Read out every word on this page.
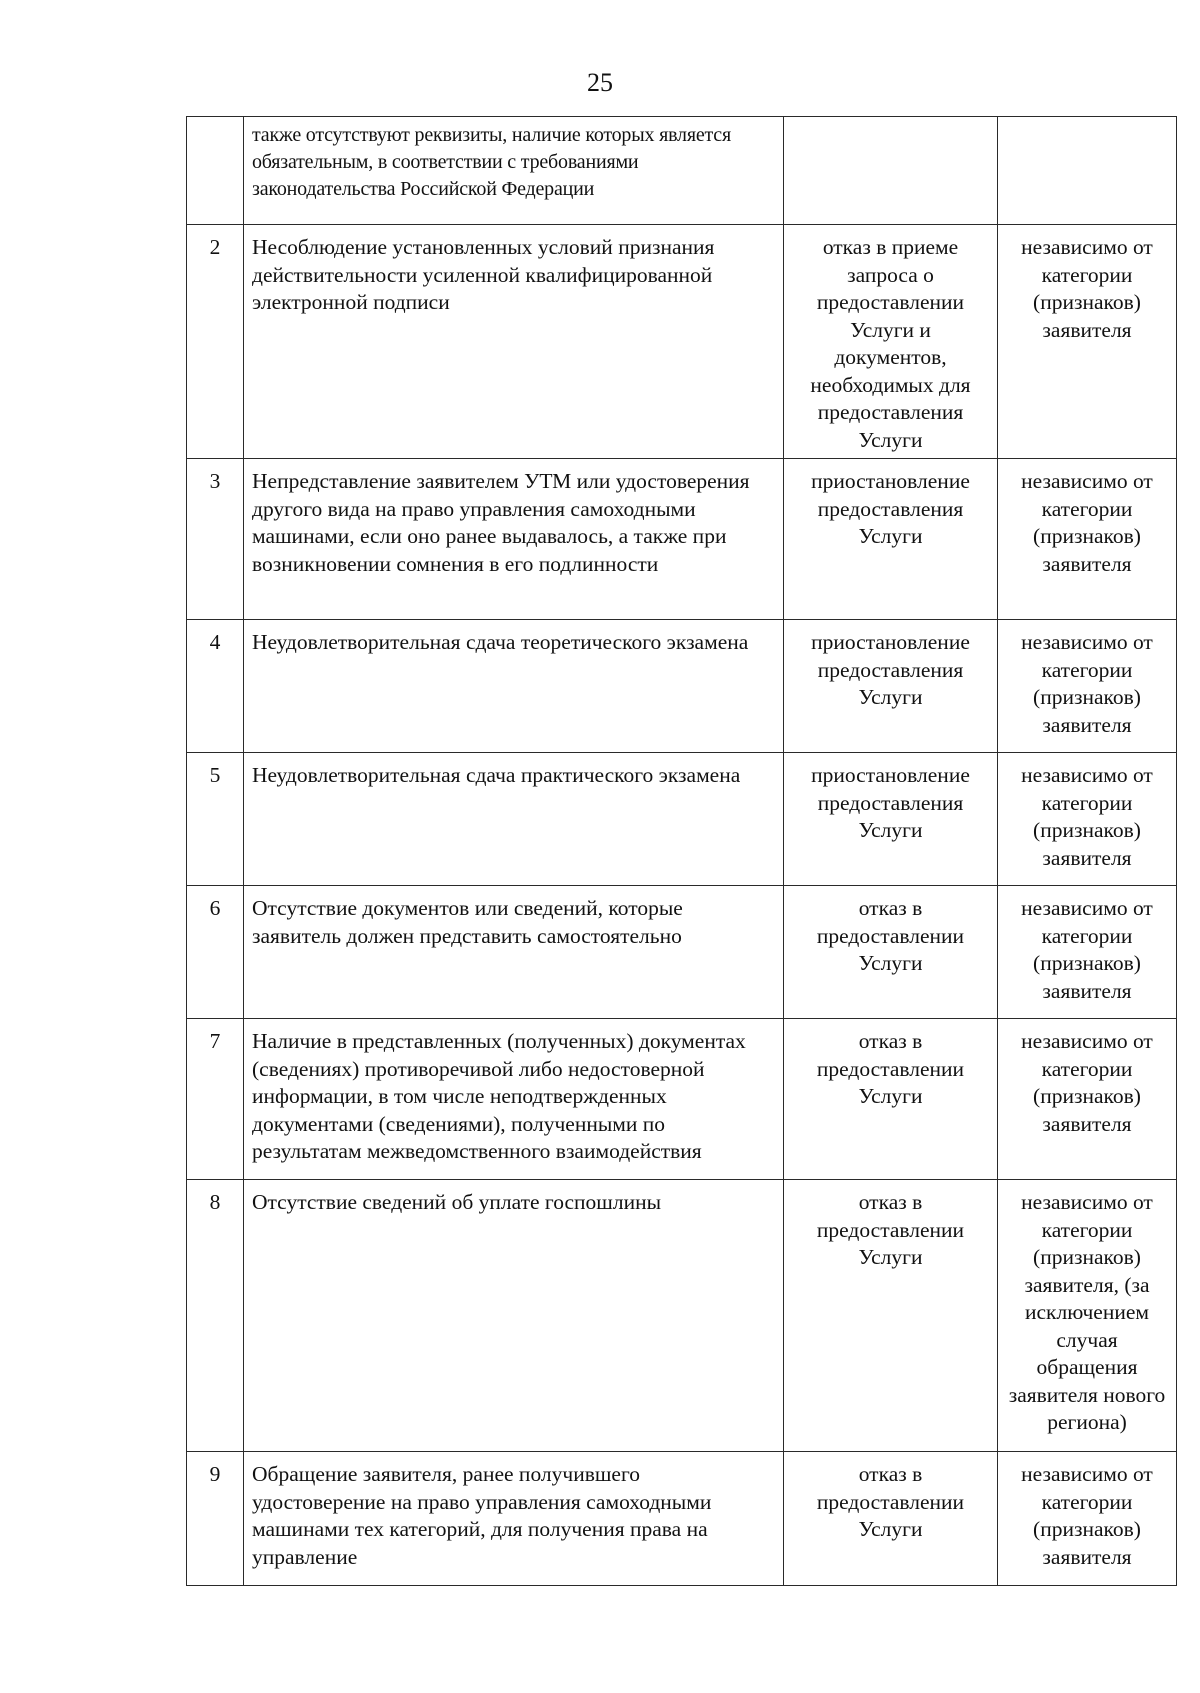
25
	также отсутствуют реквизиты, наличие которых является обязательным, в соответствии с требованиями законодательства Российской Федерации		
2	Несоблюдение установленных условий признания действительности усиленной квалифицированной электронной подписи	отказ в приеме запроса о предоставлении Услуги и документов, необходимых для предоставления Услуги	независимо от категории (признаков) заявителя
3	Непредставление заявителем УТМ или удостоверения другого вида на право управления самоходными машинами, если оно ранее выдавалось, а также при возникновении сомнения в его подлинности	приостановление предоставления Услуги	независимо от категории (признаков) заявителя
4	Неудовлетворительная сдача теоретического экзамена	приостановление предоставления Услуги	независимо от категории (признаков) заявителя
5	Неудовлетворительная сдача практического экзамена	приостановление предоставления Услуги	независимо от категории (признаков) заявителя
6	Отсутствие документов или сведений, которые заявитель должен представить самостоятельно	отказ в предоставлении Услуги	независимо от категории (признаков) заявителя
7	Наличие в представленных (полученных) документах (сведениях) противоречивой либо недостоверной информации, в том числе неподтвержденных документами (сведениями), полученными по результатам межведомственного взаимодействия	отказ в предоставлении Услуги	независимо от категории (признаков) заявителя
8	Отсутствие сведений об уплате госпошлины	отказ в предоставлении Услуги	независимо от категории (признаков) заявителя, (за исключением случая обращения заявителя нового региона)
9	Обращение заявителя, ранее получившего удостоверение на право управления самоходными машинами тех категорий, для получения права на управление	отказ в предоставлении Услуги	независимо от категории (признаков) заявителя
